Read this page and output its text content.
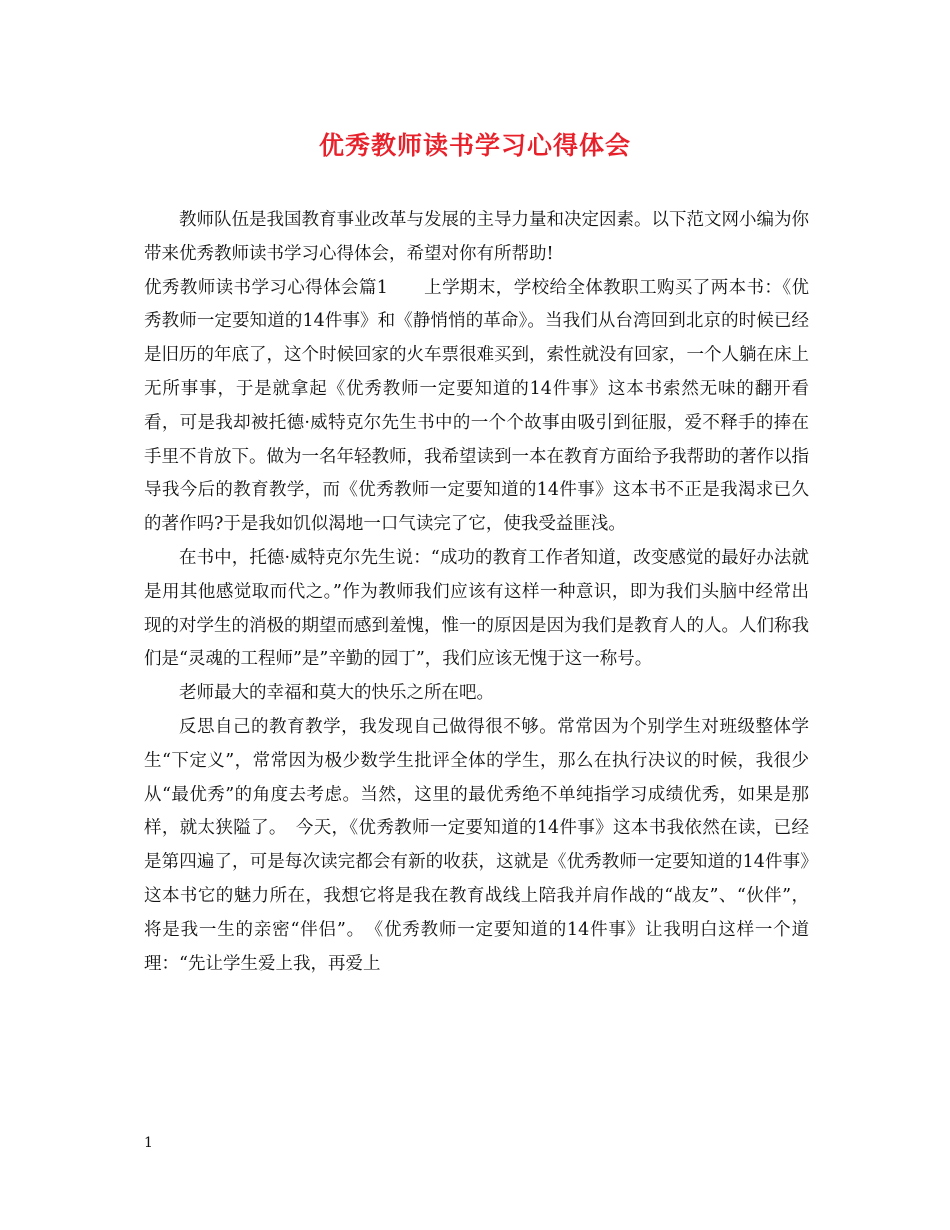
优秀教师读书学习心得体会

教师队伍是我国教育事业改革与发展的主导力量和决定因素。以下范文网小编为你带来优秀教师读书学习心得体会，希望对你有所帮助!

优秀教师读书学习心得体会篇1　　上学期末，学校给全体教职工购买了两本书：《优秀教师一定要知道的14件事》和《静悄悄的革命》。当我们从台湾回到北京的时候已经是旧历的年底了，这个时候回家的火车票很难买到，索性就没有回家，一个人躺在床上无所事事，于是就拿起《优秀教师一定要知道的14件事》这本书索然无味的翻开看看，可是我却被托德·威特克尔先生书中的一个个故事由吸引到征服，爱不释手的捧在手里不肯放下。做为一名年轻教师，我希望读到一本在教育方面给予我帮助的著作以指导我今后的教育教学，而《优秀教师一定要知道的14件事》这本书不正是我渴求已久的著作吗?于是我如饥似渴地一口气读完了它，使我受益匪浅。

在书中，托德·威特克尔先生说：“成功的教育工作者知道，改变感觉的最好办法就是用其他感觉取而代之。”作为教师我们应该有这样一种意识，即为我们头脑中经常出现的对学生的消极的期望而感到羞愧，惟一的原因是因为我们是教育人的人。人们称我们是“灵魂的工程师”是”辛勤的园丁”，我们应该无愧于这一称号。

老师最大的幸福和莫大的快乐之所在吧。

反思自己的教育教学，我发现自己做得很不够。常常因为个别学生对班级整体学生“下定义”，常常因为极少数学生批评全体的学生，那么在执行决议的时候，我很少从“最优秀”的角度去考虑。当然，这里的最优秀绝不单纯指学习成绩优秀，如果是那样，就太狭隘了。　今天，《优秀教师一定要知道的14件事》这本书我依然在读，已经是第四遍了，可是每次读完都会有新的收获，这就是《优秀教师一定要知道的14件事》这本书它的魅力所在，我想它将是我在教育战线上陪我并肩作战的“战友”、“伙伴”，将是我一生的亲密“伴侣”。　《优秀教师一定要知道的14件事》让我明白这样一个道理：“先让学生爱上我，再爱上

1
